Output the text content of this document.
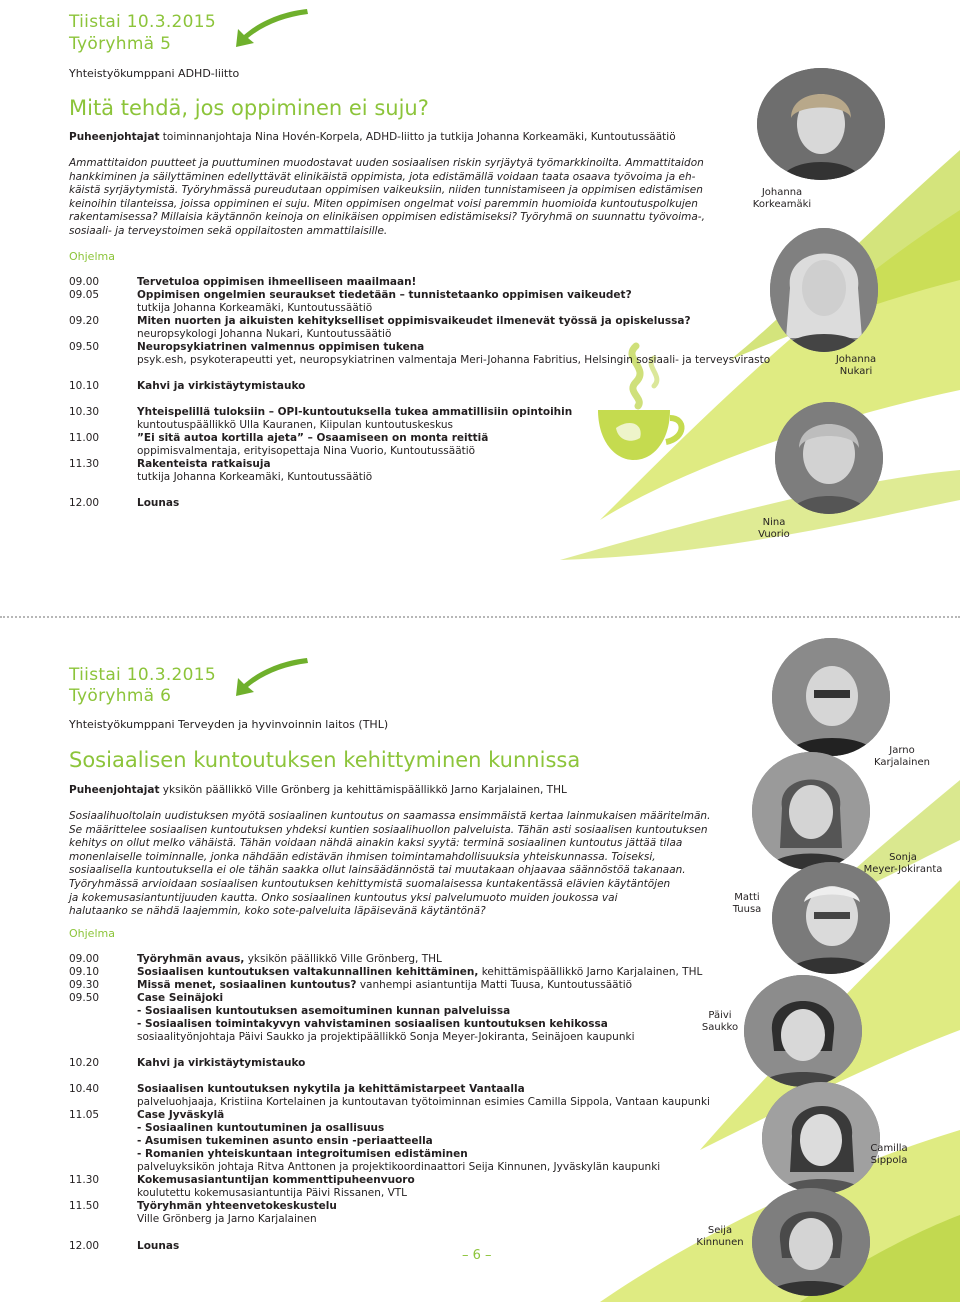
Tiistai 10.3.2015
Työryhmä 5
Yhteistyökumppani ADHD-liitto
Mitä tehdä, jos oppiminen ei suju?
Puheenjohtajat toiminnanjohtaja Nina Hovén-Korpela, ADHD-liitto ja tutkija Johanna Korkeamäki, Kuntoutussäätiö

Ammattitaidon puutteet ja puuttuminen muodostavat uuden sosiaalisen riskin syrjäytyä työmarkkinoilta. Ammattitaidon

hankkiminen ja säilyttäminen edellyttävät elinikäistä oppimista, jota edistämällä voidaan taata osaava työvoima ja eh-

käistä syrjäytymistä. Työryhmässä pureudutaan oppimisen vaikeuksiin, niiden tunnistamiseen ja oppimisen edistämisen

keinoihin tilanteissa, joissa oppiminen ei suju. Miten oppimisen ongelmat voisi paremmin huomioida kuntoutuspolkujen

rakentamisessa? Millaisia käytännön keinoja on elinikäisen oppimisen edistämiseksi? Työryhmä on suunnattu työvoima-,

sosiaali- ja terveystoimen sekä oppilaitosten ammattilaisille.

Ohjelma
09.00	Tervetuloa oppimisen ihmeelliseen maailmaan!
09.05	Oppimisen ongelmien seuraukset tiedetään – tunnistetaanko oppimisen vaikeudet?
tutkija Johanna Korkeamäki, Kuntoutussäätiö
09.20	Miten nuorten ja aikuisten kehitykselliset oppimisvaikeudet ilmenevät työssä ja opiskelussa?
neuropsykologi Johanna Nukari, Kuntoutussäätiö
09.50	Neuropsykiatrinen valmennus oppimisen tukena
psyk.esh, psykoterapeutti yet, neuropsykiatrinen valmentaja Meri-Johanna Fabritius, Helsingin sosiaali- ja terveysvirasto
10.10	Kahvi ja virkistäytymistauko
10.30	Yhteispelillä tuloksiin – OPI-kuntoutuksella tukea ammatillisiin opintoihin
kuntoutuspäällikkö Ulla Kauranen, Kiipulan kuntoutuskeskus
11.00	”Ei sitä autoa kortilla ajeta” – Osaamiseen on monta reittiä
oppimisvalmentaja, erityisopettaja Nina Vuorio, Kuntoutussäätiö
11.30	Rakenteista ratkaisuja
tutkija Johanna Korkeamäki, Kuntoutussäätiö
12.00	Lounas
Johanna
Korkeamäki
Johanna
Nukari
Nina
Vuorio
Tiistai 10.3.2015
Työryhmä 6
Yhteistyökumppani Terveyden ja hyvinvoinnin laitos (THL)
Sosiaalisen kuntoutuksen kehittyminen kunnissa
Puheenjohtajat yksikön päällikkö Ville Grönberg ja kehittämispäällikkö Jarno Karjalainen, THL

Sosiaalihuoltolain uudistuksen myötä sosiaalinen kuntoutus on saamassa ensimmäistä kertaa lainmukaisen määritelmän.

Se määrittelee sosiaalisen kuntoutuksen yhdeksi kuntien sosiaalihuollon palveluista. Tähän asti sosiaalisen kuntoutuksen

kehitys on ollut melko vähäistä. Tähän voidaan nähdä ainakin kaksi syytä: terminä sosiaalinen kuntoutus jättää tilaa

monenlaiselle toiminnalle, jonka nähdään edistävän ihmisen toimintamahdollisuuksia yhteiskunnassa. Toiseksi,

sosiaalisella kuntoutuksella ei ole tähän saakka ollut lainsäädännöstä tai muutakaan ohjaavaa säännöstöä takanaan.

Työryhmässä arvioidaan sosiaalisen kuntoutuksen kehittymistä suomalaisessa kuntakentässä elävien käytäntöjen

ja kokemusasiantuntijuuden kautta. Onko sosiaalinen kuntoutus yksi palvelumuoto muiden joukossa vai

halutaanko se nähdä laajemmin, koko sote-palveluita läpäisevänä käytäntönä?

Ohjelma
09.00	Työryhmän avaus, yksikön päällikkö Ville Grönberg, THL
09.10	Sosiaalisen kuntoutuksen valtakunnallinen kehittäminen, kehittämispäällikkö Jarno Karjalainen, THL
09.30	Missä menet, sosiaalinen kuntoutus? vanhempi asiantuntija Matti Tuusa, Kuntoutussäätiö
09.50	Case Seinäjoki
- Sosiaalisen kuntoutuksen asemoituminen kunnan palveluissa
- Sosiaalisen toimintakyvyn vahvistaminen sosiaalisen kuntoutuksen kehikossa
sosiaalityönjohtaja Päivi Saukko ja projektipäällikkö Sonja Meyer-Jokiranta, Seinäjoen kaupunki
10.20	Kahvi ja virkistäytymistauko
10.40	Sosiaalisen kuntoutuksen nykytila ja kehittämistarpeet Vantaalla
palveluohjaaja, Kristiina Kortelainen ja kuntoutavan työtoiminnan esimies Camilla Sippola, Vantaan kaupunki
11.05	Case Jyväskylä
- Sosiaalinen kuntoutuminen ja osallisuus
- Asumisen tukeminen asunto ensin -periaatteella
- Romanien yhteiskuntaan integroitumisen edistäminen
palveluyksikön johtaja Ritva Anttonen ja projektikoordinaattori Seija Kinnunen, Jyväskylän kaupunki
11.30	Kokemusasiantuntijan kommenttipuheenvuoro
koulutettu kokemusasiantuntija Päivi Rissanen, VTL
11.50	Työryhmän yhteenvetokeskustelu
Ville Grönberg ja Jarno Karjalainen
12.00	Lounas
Jarno
Karjalainen
Sonja
Meyer-Jokiranta
Matti
Tuusa
Päivi
Saukko
Camilla
Sippola
Seija
Kinnunen
– 6 –
